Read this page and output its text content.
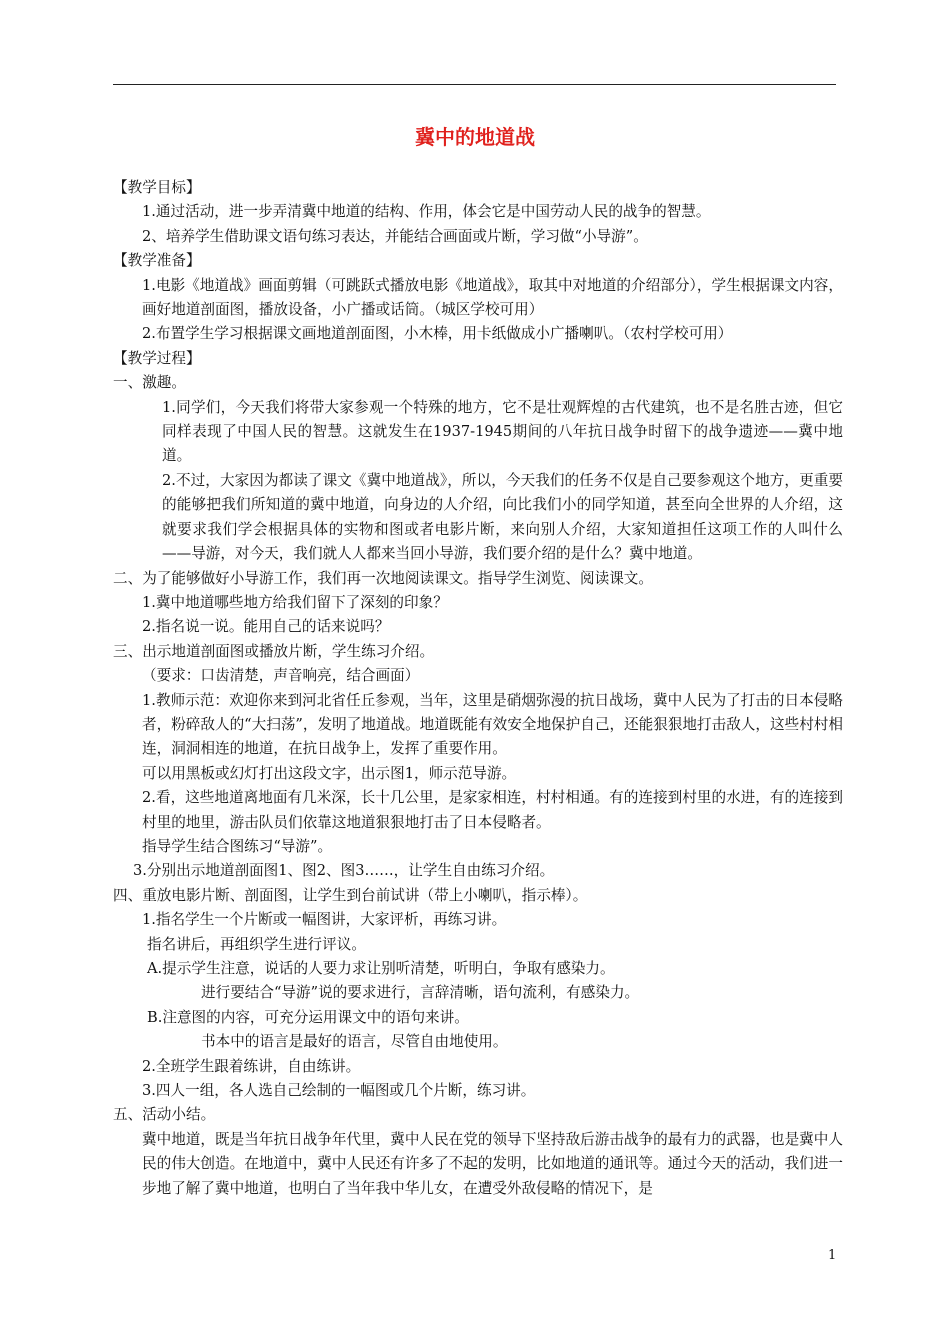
冀中的地道战
【教学目标】
1.通过活动，进一步弄清冀中地道的结构、作用，体会它是中国劳动人民的战争的智慧。
2、培养学生借助课文语句练习表达，并能结合画面或片断，学习做“小导游”。
【教学准备】
1.电影《地道战》画面剪辑（可跳跃式播放电影《地道战》，取其中对地道的介绍部分），学生根据课文内容，画好地道剖面图，播放设备，小广播或话筒。（城区学校可用）
2.布置学生学习根据课文画地道剖面图，小木棒，用卡纸做成小广播喇叭。（农村学校可用）
【教学过程】
一、激趣。
1.同学们，今天我们将带大家参观一个特殊的地方，它不是壮观辉煌的古代建筑，也不是名胜古迹，但它同样表现了中国人民的智慧。这就发生在1937-1945期间的八年抗日战争时留下的战争遗迹——冀中地道。
2.不过，大家因为都读了课文《冀中地道战》，所以，今天我们的任务不仅是自己要参观这个地方，更重要的能够把我们所知道的冀中地道，向身边的人介绍，向比我们小的同学知道，甚至向全世界的人介绍，这就要求我们学会根据具体的实物和图或者电影片断，来向别人介绍，大家知道担任这项工作的人叫什么——导游，对今天，我们就人人都来当回小导游，我们要介绍的是什么？冀中地道。
二、为了能够做好小导游工作，我们再一次地阅读课文。指导学生浏览、阅读课文。
1.冀中地道哪些地方给我们留下了深刻的印象？
2.指名说一说。能用自己的话来说吗？
三、出示地道剖面图或播放片断，学生练习介绍。
（要求：口齿清楚，声音响亮，结合画面）
1.教师示范：欢迎你来到河北省任丘参观，当年，这里是硝烟弥漫的抗日战场，冀中人民为了打击的日本侵略者，粉碎敌人的“大扫荡”，发明了地道战。地道既能有效安全地保护自己，还能狠狠地打击敌人，这些村村相连，洞洞相连的地道，在抗日战争上，发挥了重要作用。
可以用黑板或幻灯打出这段文字，出示图1，师示范导游。
2.看，这些地道离地面有几米深，长十几公里，是家家相连，村村相通。有的连接到村里的水进，有的连接到村里的地里，游击队员们依靠这地道狠狠地打击了日本侵略者。
指导学生结合图练习“导游”。
3.分别出示地道剖面图1、图2、图3……，让学生自由练习介绍。
四、重放电影片断、剖面图，让学生到台前试讲（带上小喇叭，指示棒）。
1.指名学生一个片断或一幅图讲，大家评析，再练习讲。
指名讲后，再组织学生进行评议。
A.提示学生注意，说话的人要力求让别听清楚，听明白，争取有感染力。
进行要结合“导游”说的要求进行，言辞清晰，语句流利，有感染力。
B.注意图的内容，可充分运用课文中的语句来讲。
书本中的语言是最好的语言，尽管自由地使用。
2.全班学生跟着练讲，自由练讲。
3.四人一组，各人选自己绘制的一幅图或几个片断，练习讲。
五、活动小结。
冀中地道，既是当年抗日战争年代里，冀中人民在党的领导下坚持敌后游击战争的最有力的武器，也是冀中人民的伟大创造。在地道中，冀中人民还有许多了不起的发明，比如地道的通讯等。通过今天的活动，我们进一步地了解了冀中地道，也明白了当年我中华儿女，在遭受外敌侵略的情况下，是
1
